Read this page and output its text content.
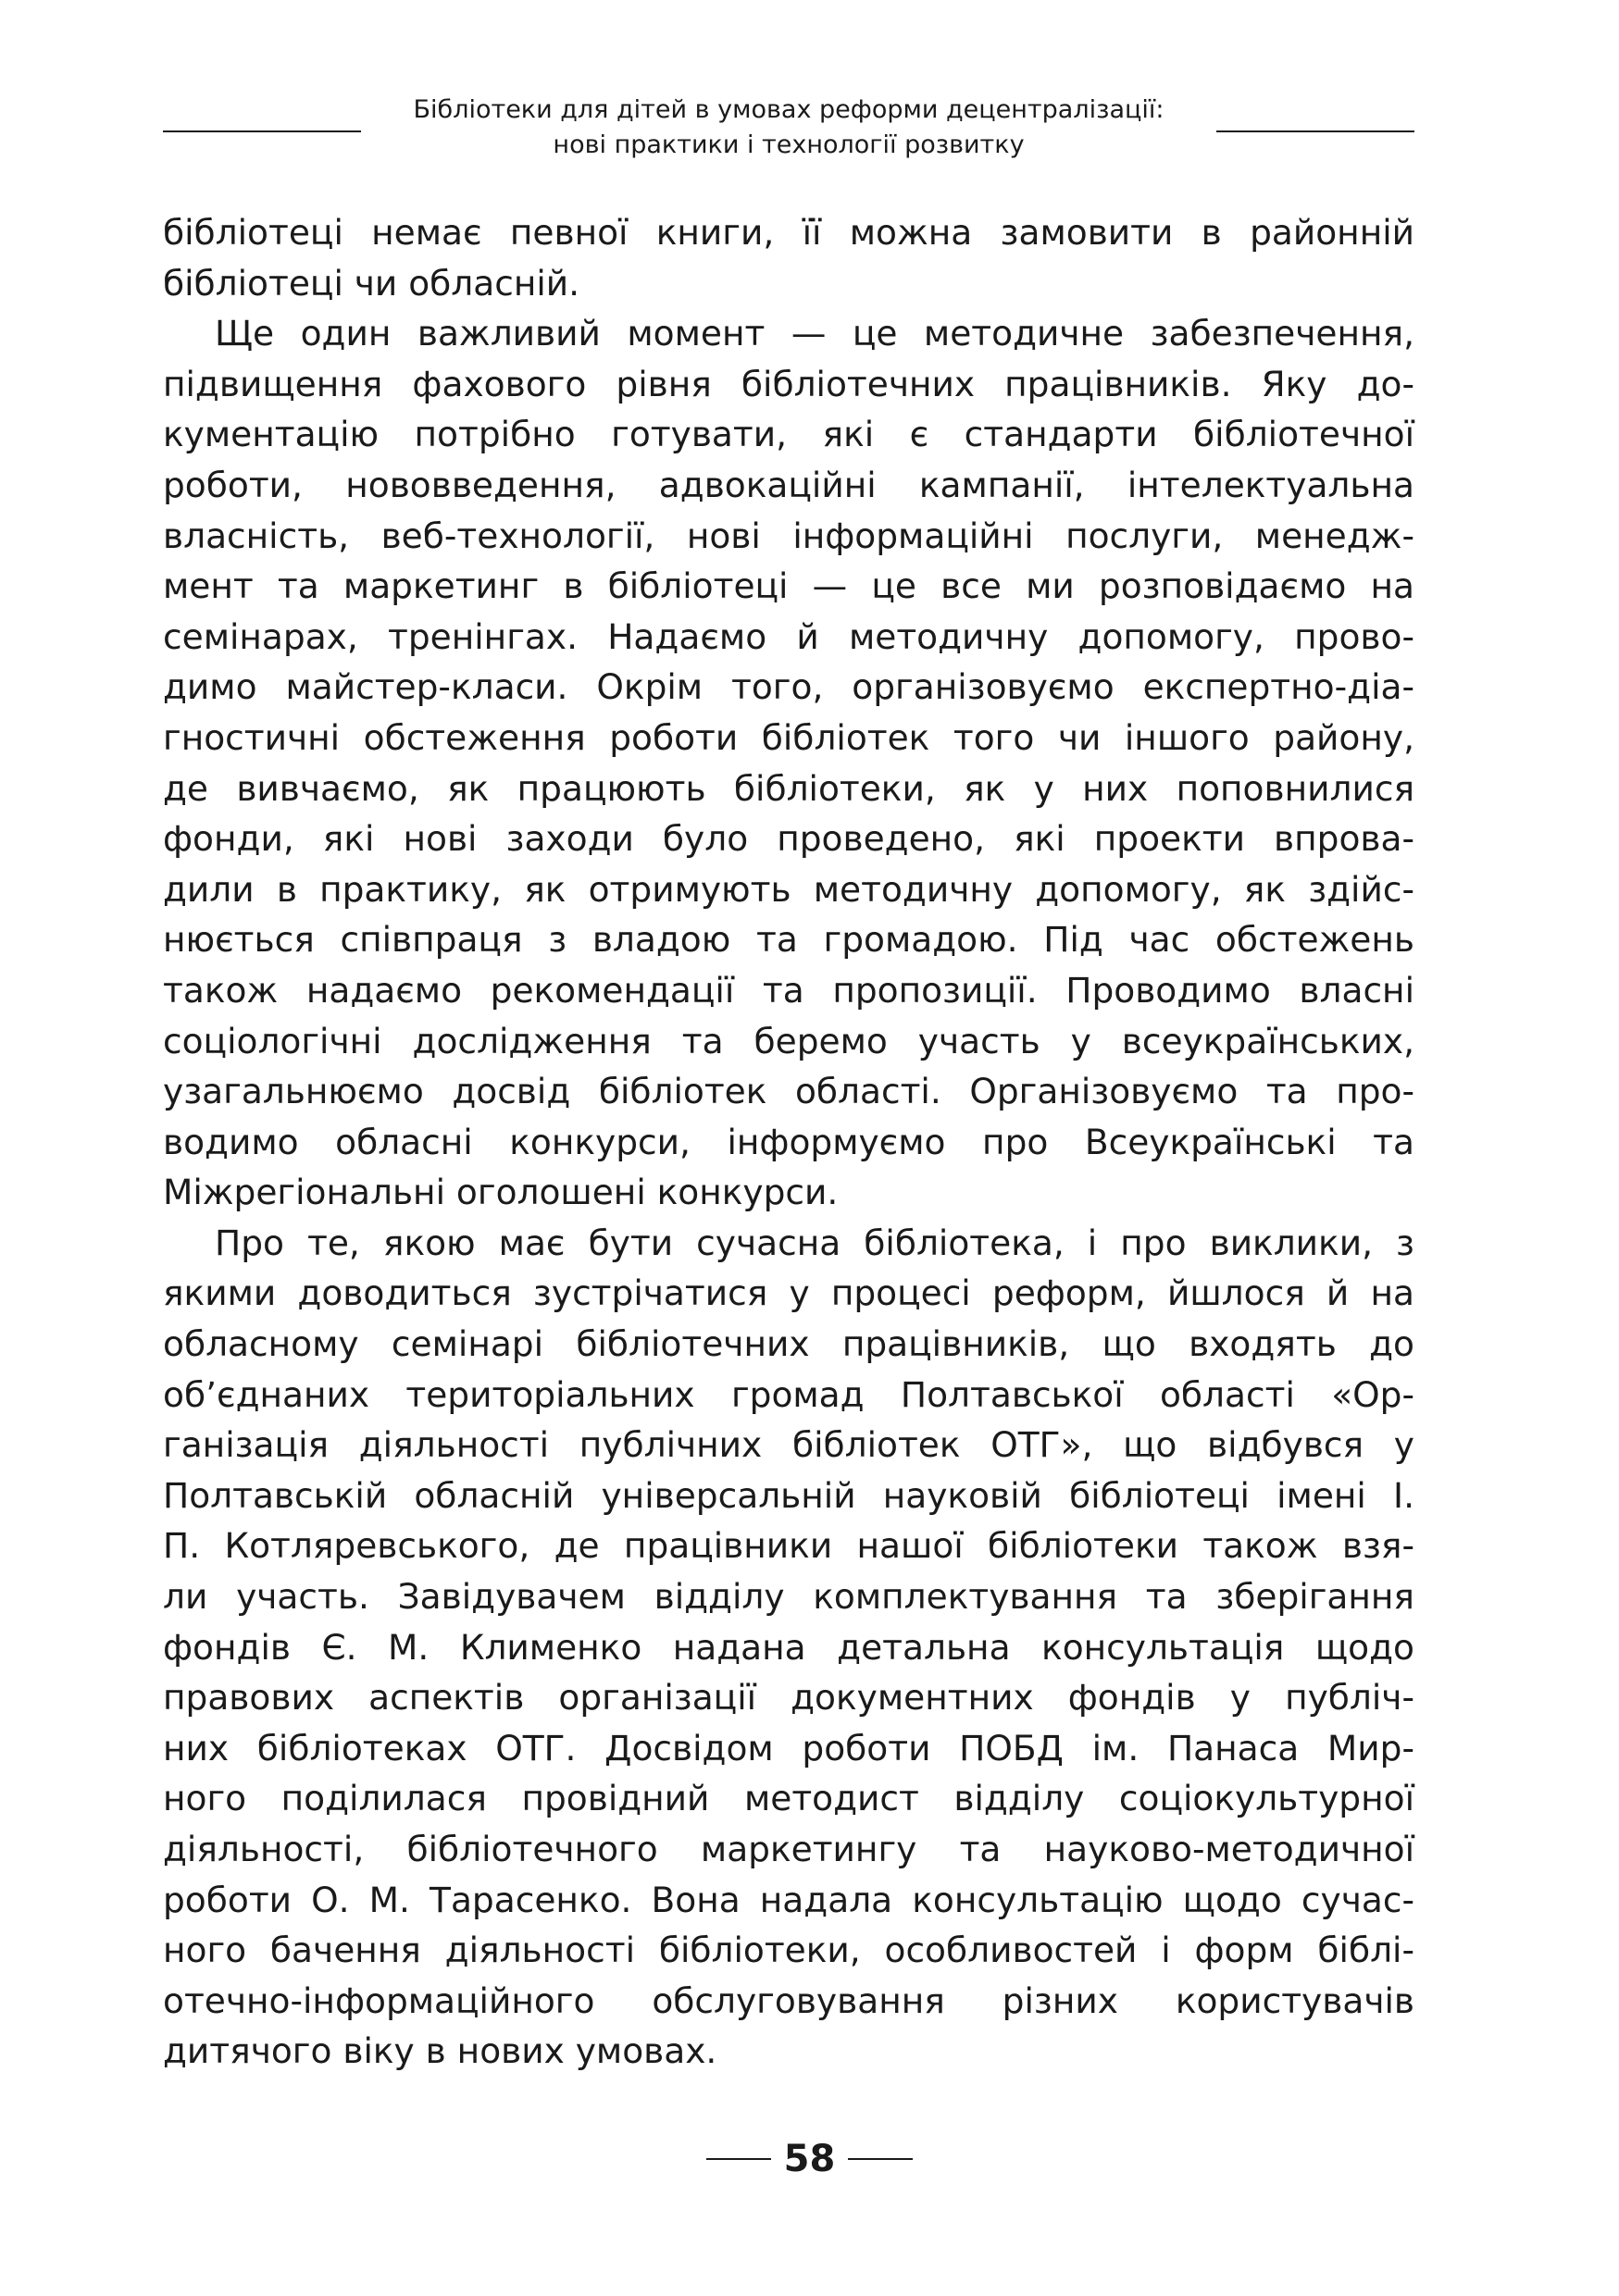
Бібліотеки для дітей в умовах реформи децентралізації:
нові практики і технології розвитку
бібліотеці немає певної книги, її можна замовити в районній
бібліотеці чи обласній.
Ще один важливий момент — це методичне забезпечення,
підвищення фахового рівня бібліотечних працівників. Яку до-
кументацію потрібно готувати, які є стандарти бібліотечної
роботи, нововведення, адвокаційні кампанії, інтелектуальна
власність, веб-технології, нові інформаційні послуги, менедж-
мент та маркетинг в бібліотеці — це все ми розповідаємо на
семінарах, тренінгах. Надаємо й методичну допомогу, прово-
димо майстер-класи. Окрім того, організовуємо експертно-діа-
гностичні обстеження роботи бібліотек того чи іншого району,
де вивчаємо, як працюють бібліотеки, як у них поповнилися
фонди, які нові заходи було проведено, які проекти впрова-
дили в практику, як отримують методичну допомогу, як здійс-
нюється співпраця з владою та громадою. Під час обстежень
також надаємо рекомендації та пропозиції. Проводимо власні
соціологічні дослідження та беремо участь у всеукраїнських,
узагальнюємо досвід бібліотек області. Організовуємо та про-
водимо обласні конкурси, інформуємо про Всеукраїнські та
Міжрегіональні оголошені конкурси.
Про те, якою має бути сучасна бібліотека, і про виклики, з
якими доводиться зустрічатися у процесі реформ, йшлося й на
обласному семінарі бібліотечних працівників, що входять до
об’єднаних територіальних громад Полтавської області «Ор-
ганізація діяльності публічних бібліотек ОТГ», що відбувся у
Полтавській обласній універсальній науковій бібліотеці імені І.
П. Котляревського, де працівники нашої бібліотеки також взя-
ли участь. Завідувачем відділу комплектування та зберігання
фондів Є. М. Клименко надана детальна консультація щодо
правових аспектів організації документних фондів у публіч-
них бібліотеках ОТГ. Досвідом роботи ПОБД ім. Панаса Мир-
ного поділилася провідний методист відділу соціокультурної
діяльності, бібліотечного маркетингу та науково-методичної
роботи О. М. Тарасенко. Вона надала консультацію щодо сучас-
ного бачення діяльності бібліотеки, особливостей і форм біблі-
отечно-інформаційного обслуговування різних користувачів
дитячого віку в нових умовах.
58
